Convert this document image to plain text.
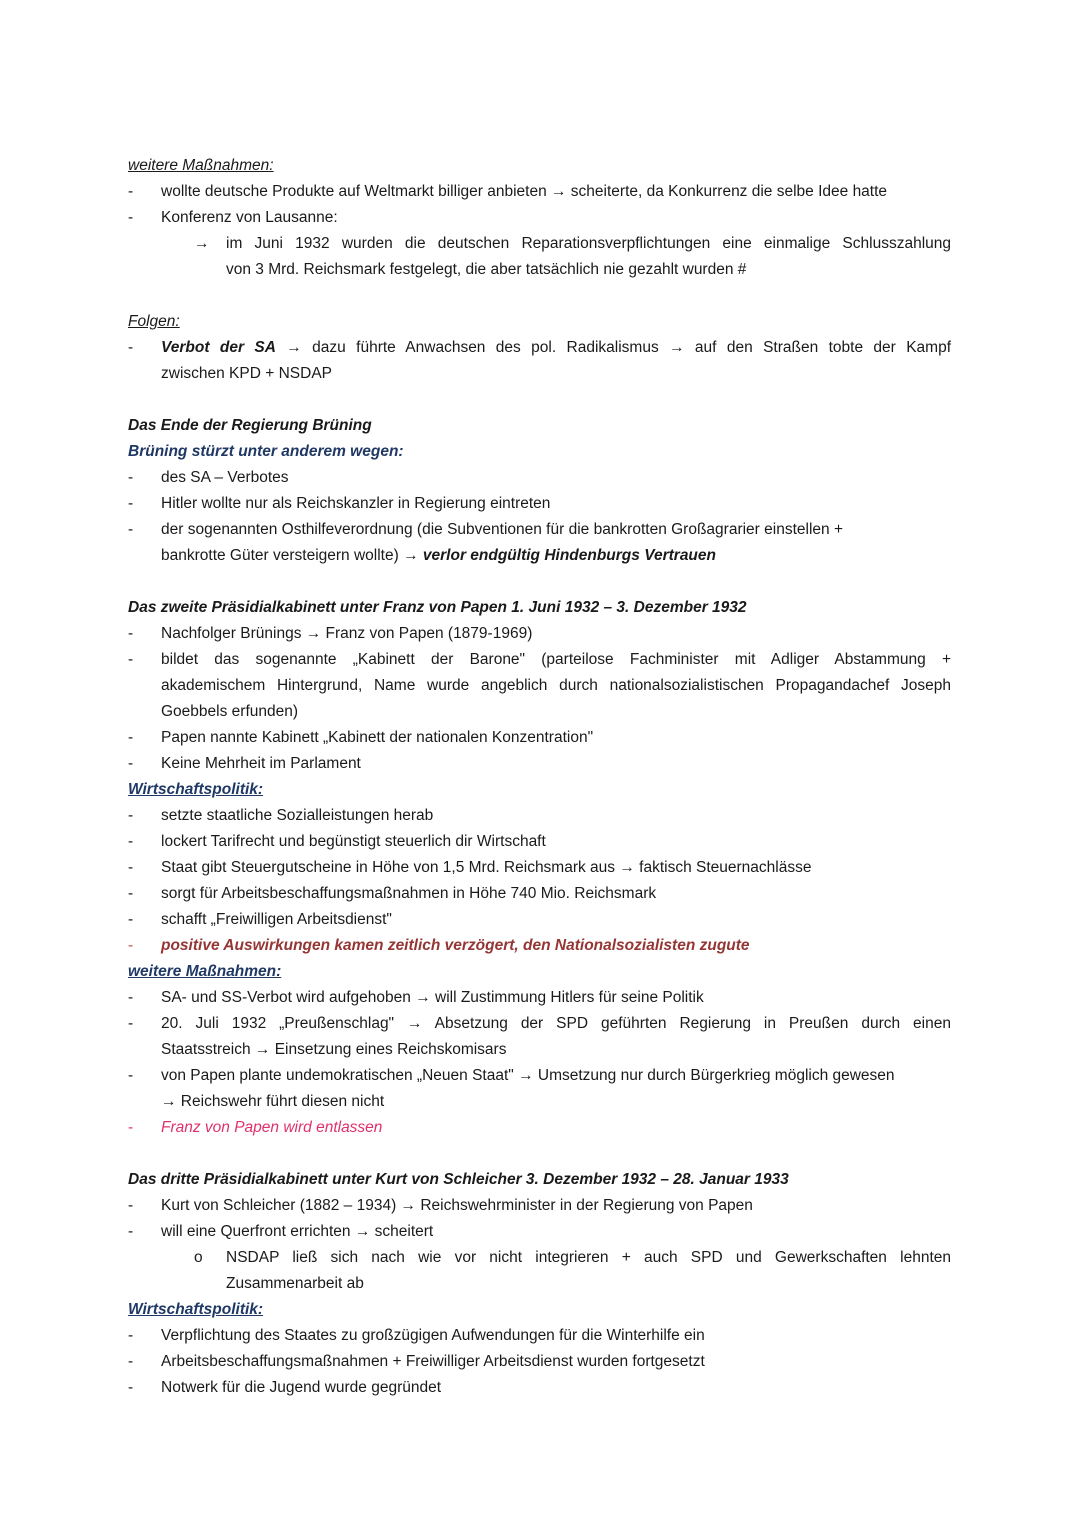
weitere Maßnahmen:
- wollte deutsche Produkte auf Weltmarkt billiger anbieten → scheiterte, da Konkurrenz die selbe Idee hatte
- Konferenz von Lausanne:
→ im Juni 1932 wurden die deutschen Reparationsverpflichtungen eine einmalige Schlusszahlung
von 3 Mrd. Reichsmark festgelegt, die aber tatsächlich nie gezahlt wurden #
Folgen:
- Verbot der SA → dazu führte Anwachsen des pol. Radikalismus → auf den Straßen tobte der Kampf
zwischen KPD + NSDAP
Das Ende der Regierung Brüning
Brüning stürzt unter anderem wegen:
- des SA – Verbotes
- Hitler wollte nur als Reichskanzler in Regierung eintreten
- der sogenannten Osthilfeverordnung (die Subventionen für die bankrotten Großagrarier einstellen +
bankrotte Güter versteigern wollte) → verlor endgültig Hindenburgs Vertrauen
Das zweite Präsidialkabinett unter Franz von Papen 1. Juni 1932 – 3. Dezember 1932
- Nachfolger Brünings → Franz von Papen (1879-1969)
- bildet das sogenannte „Kabinett der Barone" (parteilose Fachminister mit Adliger Abstammung +
akademischem Hintergrund, Name wurde angeblich durch nationalsozialistischen Propagandachef Joseph
Goebbels erfunden)
- Papen nannte Kabinett „Kabinett der nationalen Konzentration"
- Keine Mehrheit im Parlament
Wirtschaftspolitik:
- setzte staatliche Sozialleistungen herab
- lockert Tarifrecht und begünstigt steuerlich dir Wirtschaft
- Staat gibt Steuergutscheine in Höhe von 1,5 Mrd. Reichsmark aus → faktisch Steuernachlässe
- sorgt für Arbeitsbeschaffungsmaßnahmen in Höhe 740 Mio. Reichsmark
- schafft „Freiwilligen Arbeitsdienst"
- positive Auswirkungen kamen zeitlich verzögert, den Nationalsozialisten zugute
weitere Maßnahmen:
- SA- und SS-Verbot wird aufgehoben → will Zustimmung Hitlers für seine Politik
- 20. Juli 1932 „Preußenschlag" → Absetzung der SPD geführten Regierung in Preußen durch einen
Staatsstreich → Einsetzung eines Reichskomisars
- von Papen plante undemokratischen „Neuen Staat" → Umsetzung nur durch Bürgerkrieg möglich gewesen
→ Reichswehr führt diesen nicht
- Franz von Papen wird entlassen
Das dritte Präsidialkabinett unter Kurt von Schleicher 3. Dezember 1932 – 28. Januar 1933
- Kurt von Schleicher (1882 – 1934) → Reichswehrminister in der Regierung von Papen
- will eine Querfront errichten → scheitert
o NSDAP ließ sich nach wie vor nicht integrieren + auch SPD und Gewerkschaften lehnten
Zusammenarbeit ab
Wirtschaftspolitik:
- Verpflichtung des Staates zu großzügigen Aufwendungen für die Winterhilfe ein
- Arbeitsbeschaffungsmaßnahmen + Freiwilliger Arbeitsdienst wurden fortgesetzt
- Notwerk für die Jugend wurde gegründet
